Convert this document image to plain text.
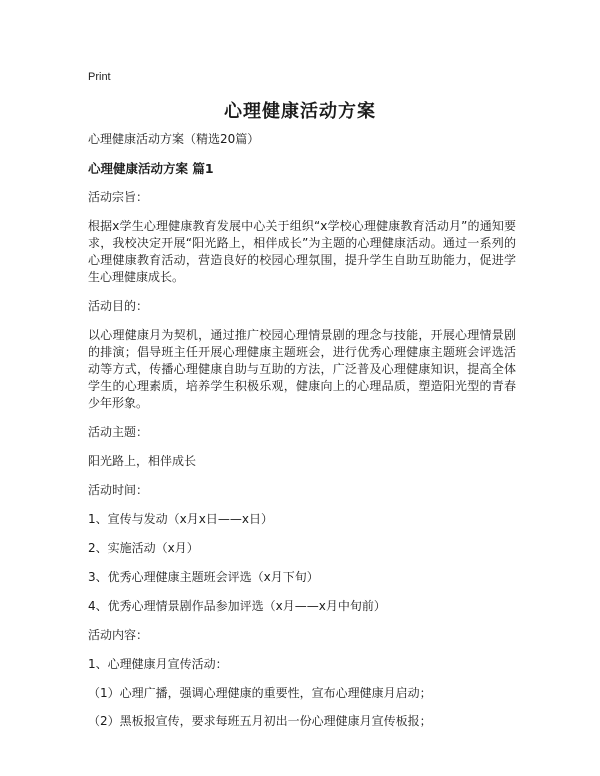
Print
心理健康活动方案

心理健康活动方案（精选20篇）

心理健康活动方案 篇1

活动宗旨：

根据x学生心理健康教育发展中心关于组织“x学校心理健康教育活动月”的通知要求，我校决定开展“阳光路上，相伴成长”为主题的心理健康活动。通过一系列的心理健康教育活动，营造良好的校园心理氛围，提升学生自助互助能力，促进学生心理健康成长。

活动目的：

以心理健康月为契机，通过推广校园心理情景剧的理念与技能，开展心理情景剧的排演；倡导班主任开展心理健康主题班会，进行优秀心理健康主题班会评选活动等方式，传播心理健康自助与互助的方法，广泛普及心理健康知识，提高全体学生的心理素质，培养学生积极乐观，健康向上的心理品质，塑造阳光型的青春少年形象。

活动主题：

阳光路上，相伴成长

活动时间：

1、宣传与发动（x月x日——x日）

2、实施活动（x月）

3、优秀心理健康主题班会评选（x月下旬）

4、优秀心理情景剧作品参加评选（x月——x月中旬前）

活动内容：

1、心理健康月宣传活动：

（1）心理广播，强调心理健康的重要性，宣布心理健康月启动；

（2）黑板报宣传，要求每班五月初出一份心理健康月宣传板报；
